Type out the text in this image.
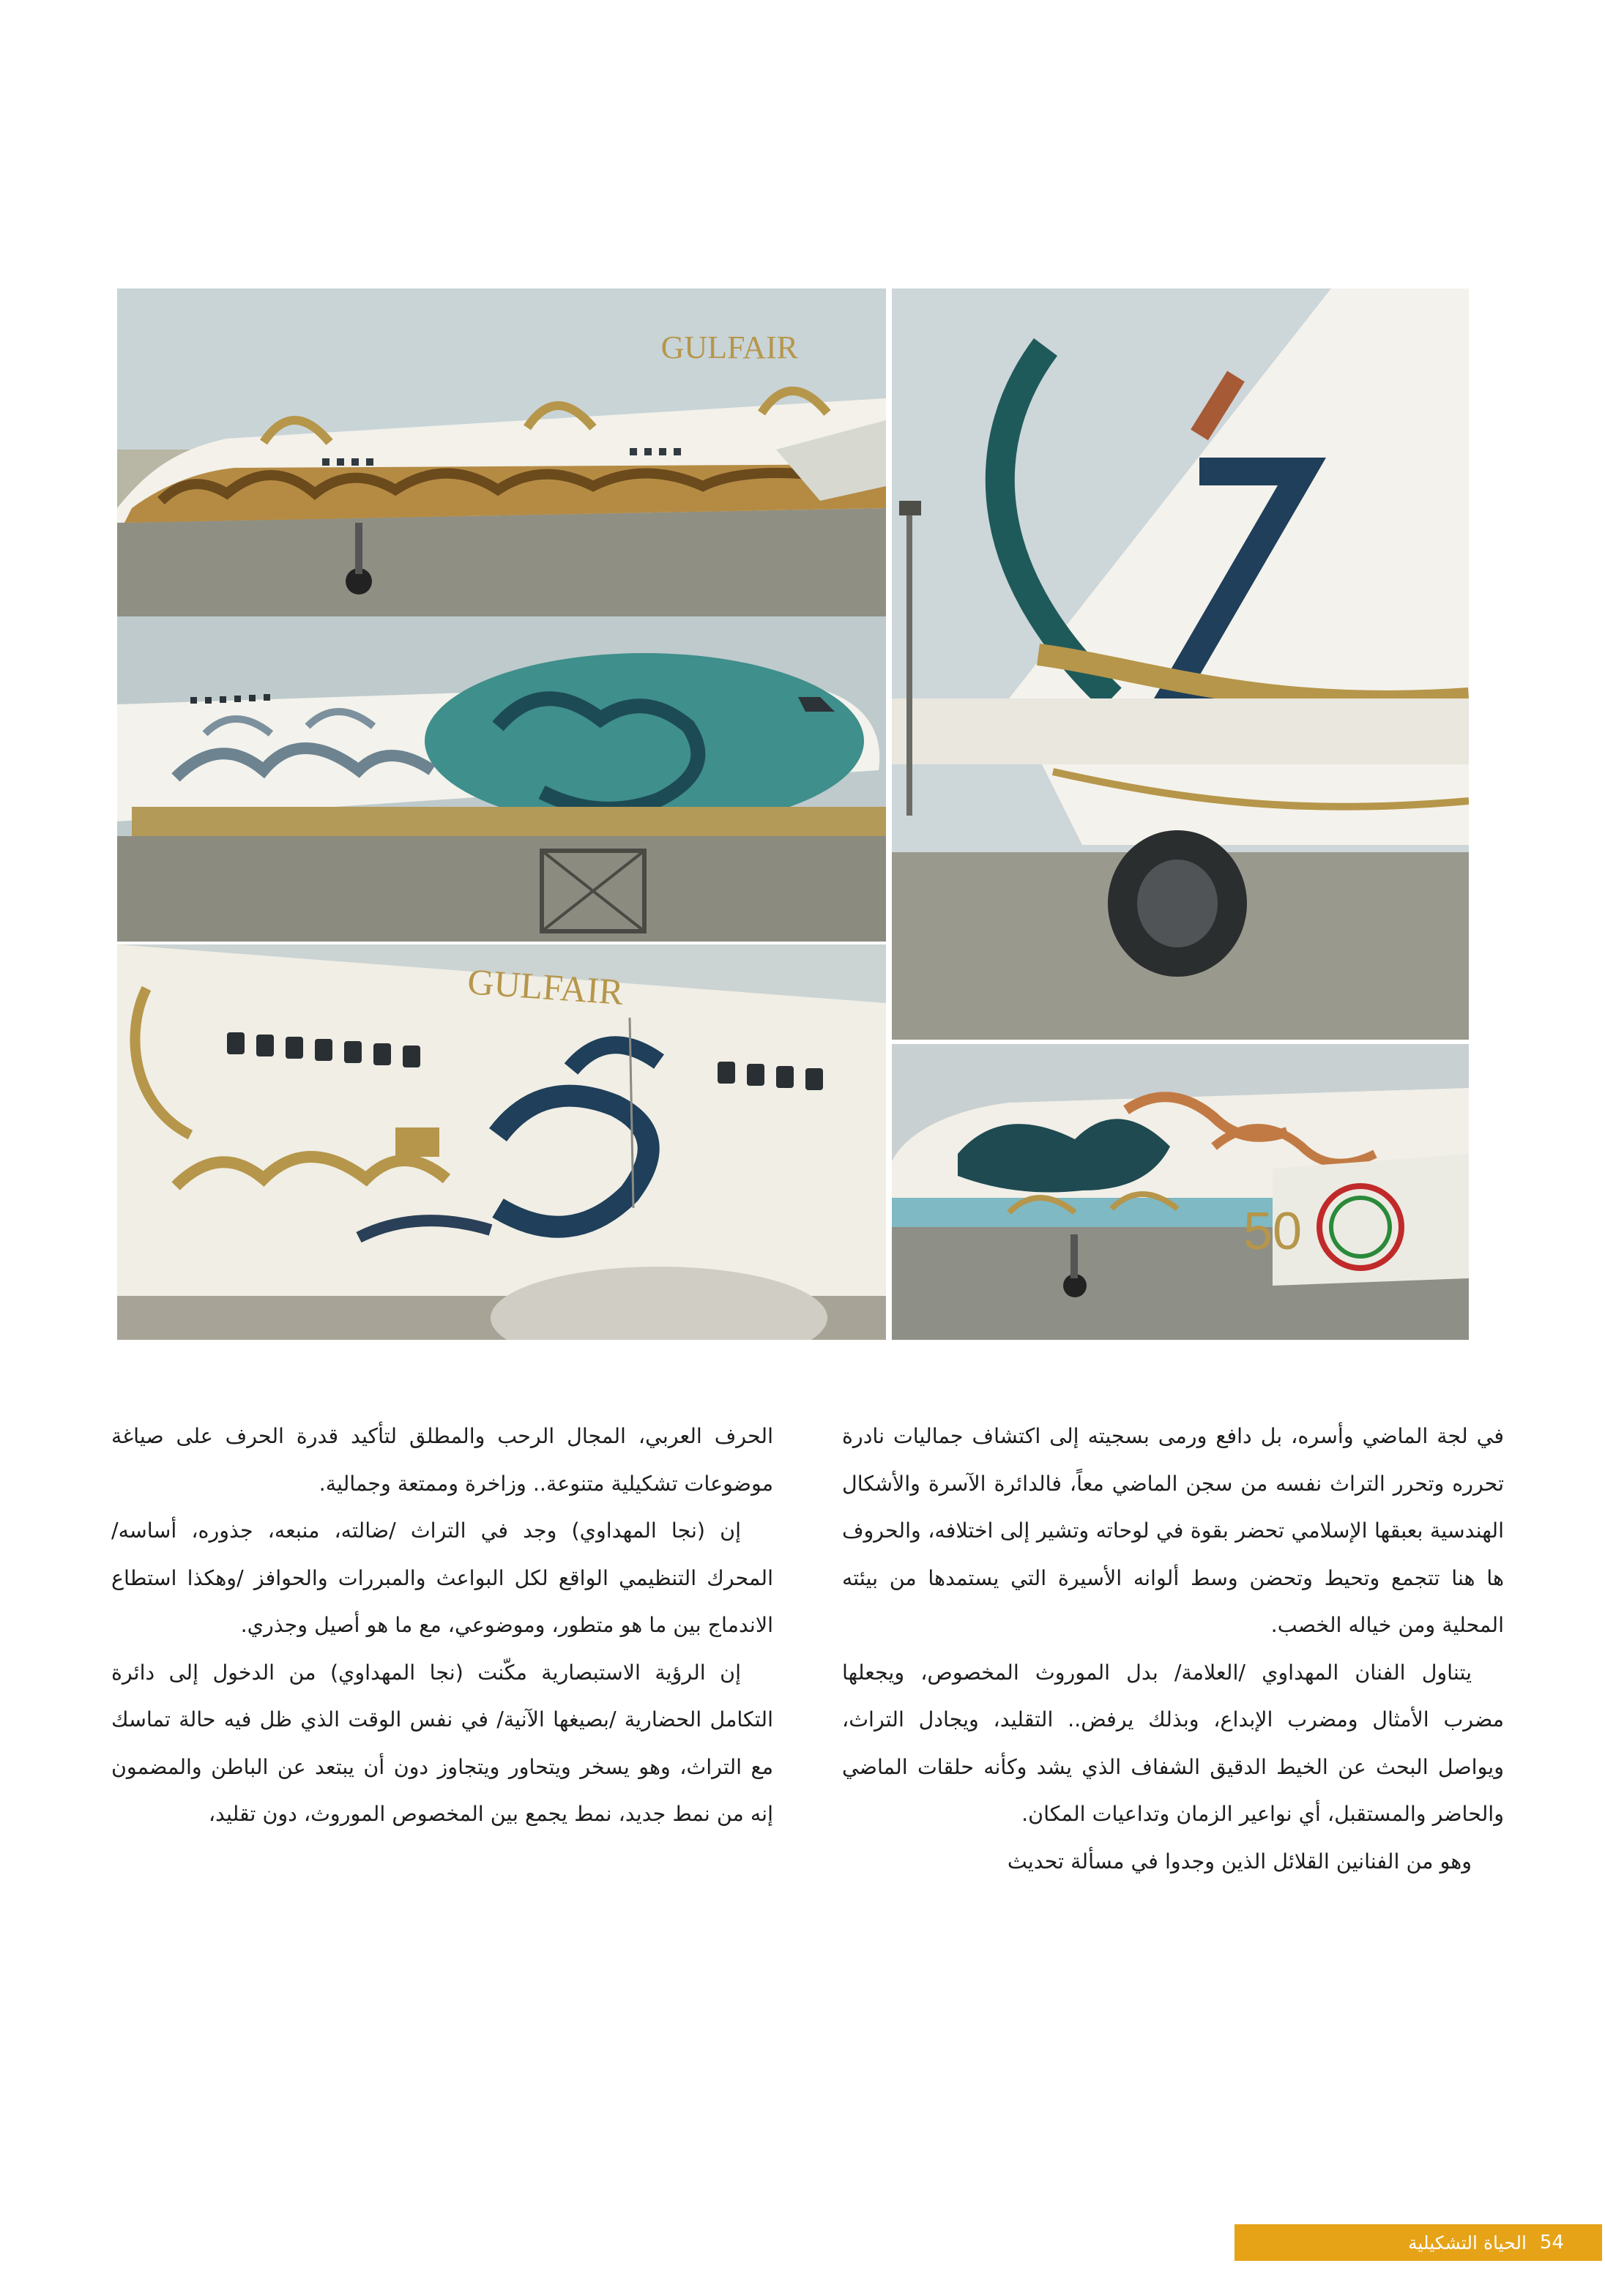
GULFAIR
GULFAIR
50

في لجة الماضي وأسره، بل دافع ورمى بسجيته إلى اكتشاف جماليات نادرة تحرره وتحرر التراث نفسه من سجن الماضي معاً، فالدائرة الآسرة والأشكال الهندسية بعبقها الإسلامي تحضر بقوة في لوحاته وتشير إلى اختلافه، والحروف ها هنا تتجمع وتحيط وتحضن وسط ألوانه الأسيرة التي يستمدها من بيئته المحلية ومن خياله الخصب.

يتناول الفنان المهداوي /العلامة/ بدل الموروث المخصوص، ويجعلها مضرب الأمثال ومضرب الإبداع، وبذلك يرفض.. التقليد، ويجادل التراث، ويواصل البحث عن الخيط الدقيق الشفاف الذي يشد وكأنه حلقات الماضي والحاضر والمستقبل، أي نواعير الزمان وتداعيات المكان.

وهو من الفنانين القلائل الذين وجدوا في مسألة تحديث

الحرف العربي، المجال الرحب والمطلق لتأكيد قدرة الحرف على صياغة موضوعات تشكيلية متنوعة.. وزاخرة وممتعة وجمالية.

إن (نجا المهداوي) وجد في التراث /ضالته، منبعه، جذوره، أساسه/ المحرك التنظيمي الواقع لكل البواعث والمبررات والحوافز /وهكذا استطاع الاندماج بين ما هو متطور، وموضوعي، مع ما هو أصيل وجذري.

إن الرؤية الاستبصارية مكّنت (نجا المهداوي) من الدخول إلى دائرة التكامل الحضارية /بصيغها الآنية/ في نفس الوقت الذي ظل فيه حالة تماسك مع التراث، وهو يسخر ويتحاور ويتجاوز دون أن يبتعد عن الباطن والمضمون إنه من نمط جديد، نمط يجمع بين المخصوص الموروث، دون تقليد،

54
الحياة التشكيلية
